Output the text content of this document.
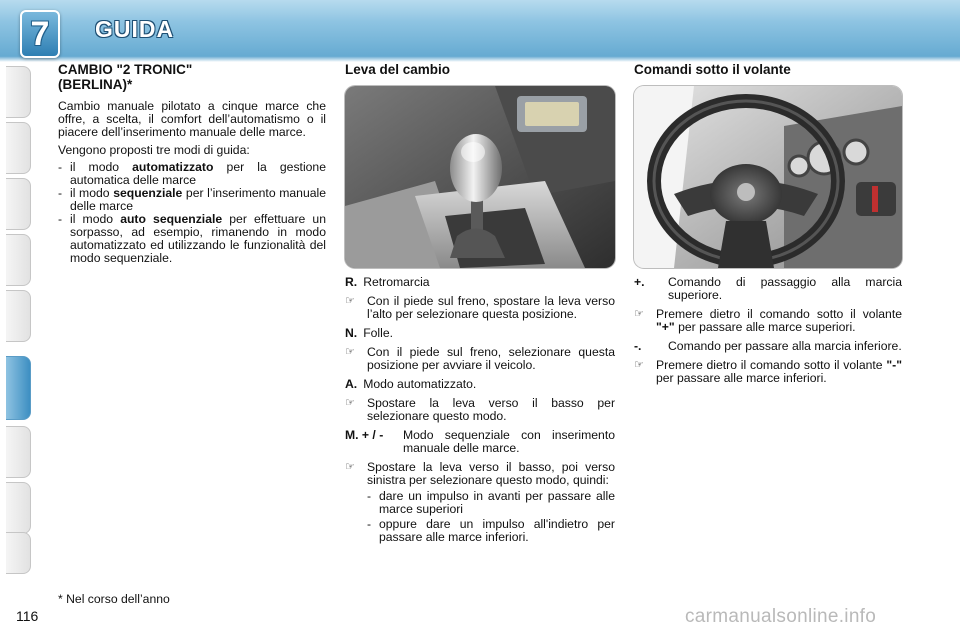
7 GUIDA

CAMBIO "2 TRONIC" (BERLINA)*

Cambio manuale pilotato a cinque marce che offre, a scelta, il comfort dell’automatismo o il piacere dell’inserimento manuale delle marce.

Vengono proposti tre modi di guida:

- il modo automatizzato per la gestione automatica delle marce
- il modo sequenziale per l’inserimento manuale delle marce
- il modo auto sequenziale per effettuare un sorpasso, ad esempio, rimanendo in modo automatizzato ed utilizzando le funzionalità del modo sequenziale.

Leva del cambio

R. Retromarcia
☞ Con il piede sul freno, spostare la leva verso l’alto per selezionare questa posizione.
N. Folle.
☞ Con il piede sul freno, selezionare questa posizione per avviare il veicolo.
A. Modo automatizzato.
☞ Spostare la leva verso il basso per selezionare questo modo.
M. + / -	Modo sequenziale con inserimento manuale delle marce.
☞ Spostare la leva verso il basso, poi verso sinistra per selezionare questo modo, quindi:
- dare un impulso in avanti per passare alle marce superiori
- oppure dare un impulso all'indietro per passare alle marce inferiori.

Comandi sotto il volante

+.	Comando di passaggio alla marcia superiore.
☞ Premere dietro il comando sotto il volante "+" per passare alle marce superiori.
-.	Comando per passare alla marcia inferiore.
☞ Premere dietro il comando sotto il volante "-" per passare alle marce inferiori.
* Nel corso dell’anno
116	carmanualsonline.info
